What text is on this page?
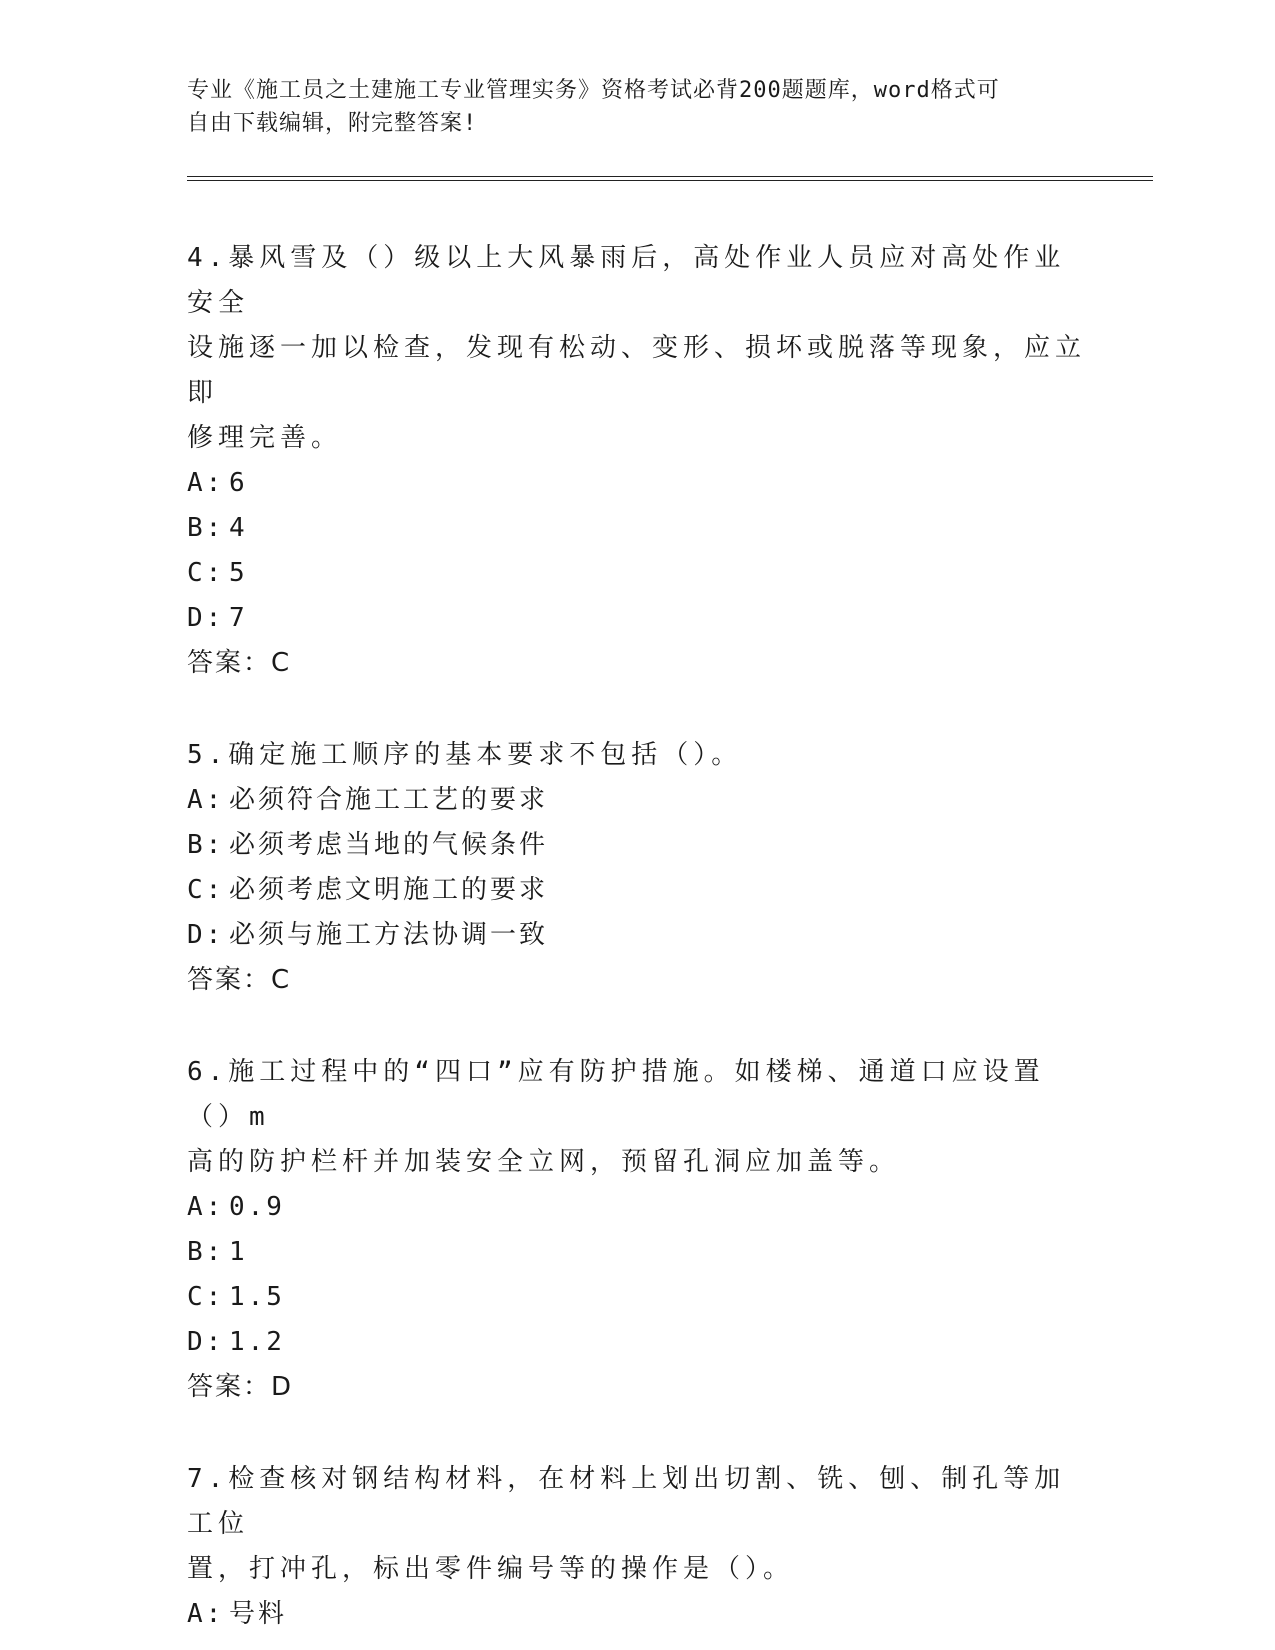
专业《施工员之土建施工专业管理实务》资格考试必背200题题库，word格式可
自由下载编辑，附完整答案!

4.暴风雪及（）级以上大风暴雨后，高处作业人员应对高处作业安全

设施逐一加以检查，发现有松动、变形、损坏或脱落等现象，应立即

修理完善。

A: 6

B: 4

C: 5

D: 7

答案：C

5.确定施工顺序的基本要求不包括（）。

A: 必须符合施工工艺的要求

B: 必须考虑当地的气候条件

C: 必须考虑文明施工的要求

D: 必须与施工方法协调一致

答案：C

6.施工过程中的“四口”应有防护措施。如楼梯、通道口应设置（）m

高的防护栏杆并加装安全立网，预留孔洞应加盖等。

A: 0.9

B: 1

C: 1.5

D: 1.2

答案：D

7.检查核对钢结构材料，在材料上划出切割、铣、刨、制孔等加工位

置，打冲孔，标出零件编号等的操作是（）。

A: 号料
